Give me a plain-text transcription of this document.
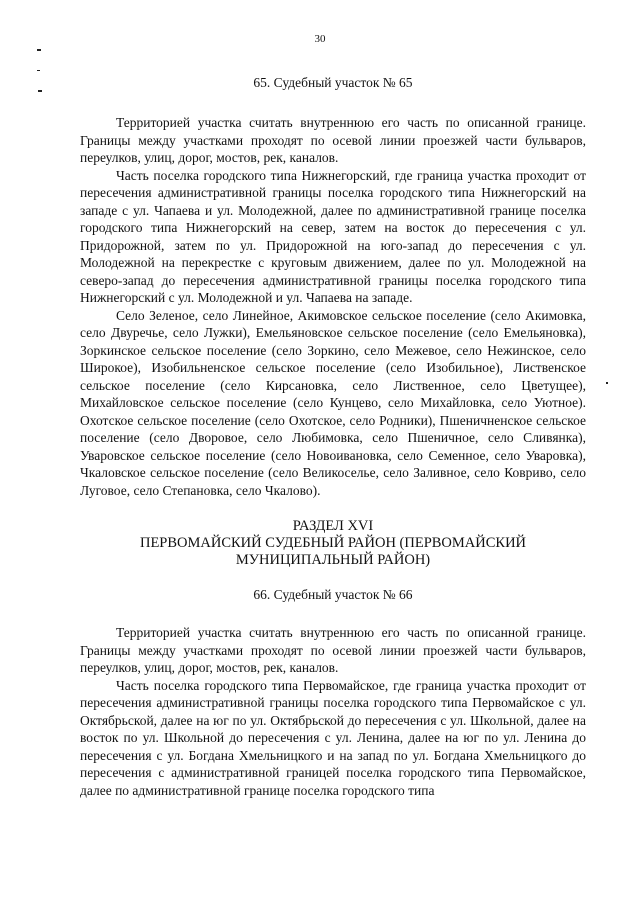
30
65. Судебный участок № 65

Территорией участка считать внутреннюю его часть по описанной границе. Границы между участками проходят по осевой линии проезжей части бульваров, переулков, улиц, дорог, мостов, рек, каналов.

Часть поселка городского типа Нижнегорский, где граница участка проходит от пересечения административной границы поселка городского типа Нижнегорский на западе с ул. Чапаева и ул. Молодежной, далее по административной границе поселка городского типа Нижнегорский на север, затем на восток до пересечения с ул. Придорожной, затем по ул. Придорожной на юго-запад до пересечения с ул. Молодежной на перекрестке с круговым движением, далее по ул. Молодежной на северо-запад до пересечения административной границы поселка городского типа Нижнегорский с ул. Молодежной и ул. Чапаева на западе.

Село Зеленое, село Линейное, Акимовское сельское поселение (село Акимовка, село Двуречье, село Лужки), Емельяновское сельское поселение (село Емельяновка), Зоркинское сельское поселение (село Зоркино, село Межевое, село Нежинское, село Широкое), Изобильненское сельское поселение (село Изобильное), Лиственское сельское поселение (село Кирсановка, село Лиственное, село Цветущее), Михайловское сельское поселение (село Кунцево, село Михайловка, село Уютное). Охотское сельское поселение (село Охотское, село Родники), Пшеничненское сельское поселение (село Дворовое, село Любимовка, село Пшеничное, село Сливянка), Уваровское сельское поселение (село Новоивановка, село Семенное, село Уваровка), Чкаловское сельское поселение (село Великоселье, село Заливное, село Ковриво, село Луговое, село Степановка, село Чкалово).

РАЗДЕЛ XVI

ПЕРВОМАЙСКИЙ СУДЕБНЫЙ РАЙОН (ПЕРВОМАЙСКИЙ

МУНИЦИПАЛЬНЫЙ РАЙОН)

66. Судебный участок № 66

Территорией участка считать внутреннюю его часть по описанной границе. Границы между участками проходят по осевой линии проезжей части бульваров, переулков, улиц, дорог, мостов, рек, каналов.

Часть поселка городского типа Первомайское, где граница участка проходит от пересечения административной границы поселка городского типа Первомайское с ул. Октябрьской, далее на юг по ул. Октябрьской до пересечения с ул. Школьной, далее на восток по ул. Школьной до пересечения с ул. Ленина, далее на юг по ул. Ленина до пересечения с ул. Богдана Хмельницкого и на запад по ул. Богдана Хмельницкого до пересечения с административной границей поселка городского типа Первомайское, далее по административной границе поселка городского типа
